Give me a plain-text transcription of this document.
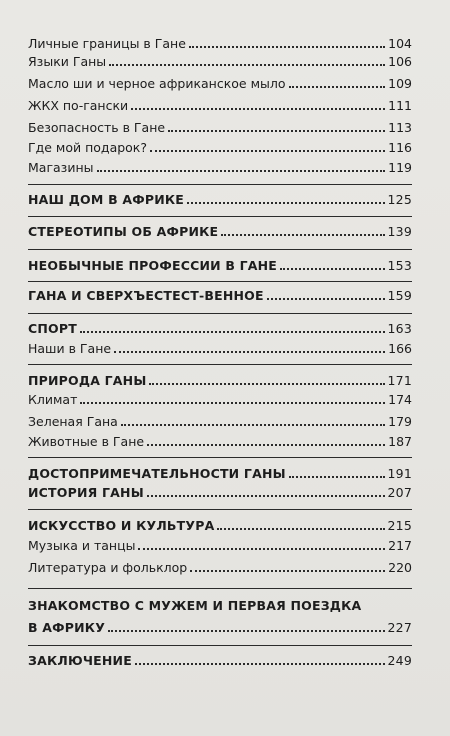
Личные границы в Гане	104
Языки Ганы	106
Масло ши и черное африканское мыло	109
ЖКХ по-гански	111
Безопасность в Гане	113
Где мой подарок?	116
Магазины	119
НАШ ДОМ В АФРИКЕ	125
СТЕРЕОТИПЫ ОБ АФРИКЕ	139
НЕОБЫЧНЫЕ ПРОФЕССИИ В ГАНЕ	153
ГАНА И СВЕРХЪЕСТЕСТ-ВЕННОЕ	159
СПОРТ	163
Наши в Гане	166
ПРИРОДА ГАНЫ	171
Климат	174
Зеленая Гана	179
Животные в Гане	187
ДОСТОПРИМЕЧАТЕЛЬНОСТИ ГАНЫ	191
ИСТОРИЯ ГАНЫ	207
ИСКУССТВО И КУЛЬТУРА	215
Музыка и танцы	217
Литература и фольклор	220
ЗНАКОМСТВО С МУЖЕМ И ПЕРВАЯ ПОЕЗДКА
В АФРИКУ	227
ЗАКЛЮЧЕНИЕ	249
